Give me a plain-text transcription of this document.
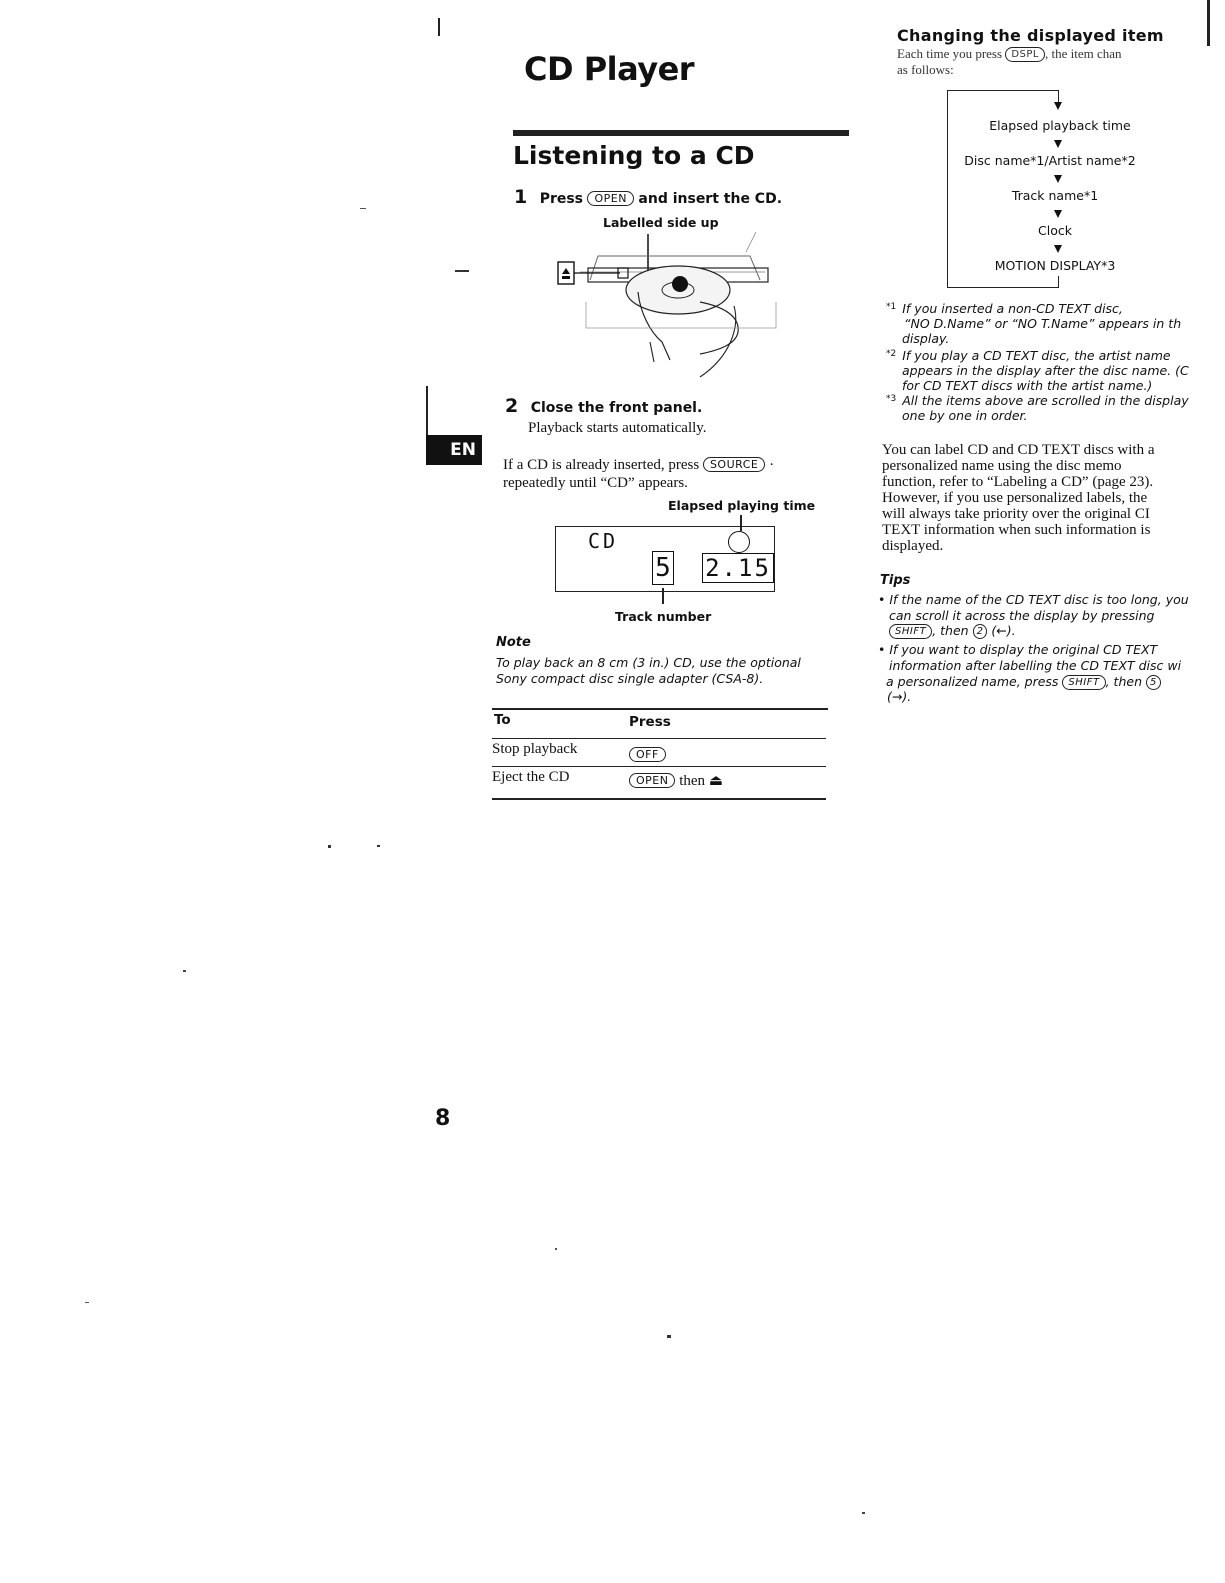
EN
CD Player
Listening to a CD
1 Press OPEN and insert the CD.
Labelled side up
2 Close the front panel.
Playback starts automatically.
If a CD is already inserted, press SOURCE ·
repeatedly until “CD” appears.
Elapsed playing time
CD
5 2.15
Track number
Note
To play back an 8 cm (3 in.) CD, use the optional
Sony compact disc single adapter (CSA-8).
To	Press
Stop playback	OFF
Eject the CD	OPEN then ⏏
8
Changing the displayed item
Each time you press DSPL , the item chan
as follows:
Elapsed playback time
Disc name*1/Artist name*2
Track name*1
Clock
MOTION DISPLAY*3
$^{*1}$ If you inserted a non-CD TEXT disc,
“NO D.Name” or “NO T.Name” appears in th
display.
$^{*2}$ If you play a CD TEXT disc, the artist name
appears in the display after the disc name. (C
for CD TEXT discs with the artist name.)
$^{*3}$ All the items above are scrolled in the display
one by one in order.
You can label CD and CD TEXT discs with a
personalized name using the disc memo
function, refer to “Labeling a CD” (page 23).
However, if you use personalized labels, the
will always take priority over the original CI
TEXT information when such information is
displayed.
Tips
• If the name of the CD TEXT disc is too long, you
can scroll it across the display by pressing
SHIFT , then 2 (←).
• If you want to display the original CD TEXT
information after labelling the CD TEXT disc wi
a personalized name, press SHIFT , then 5
(→).
